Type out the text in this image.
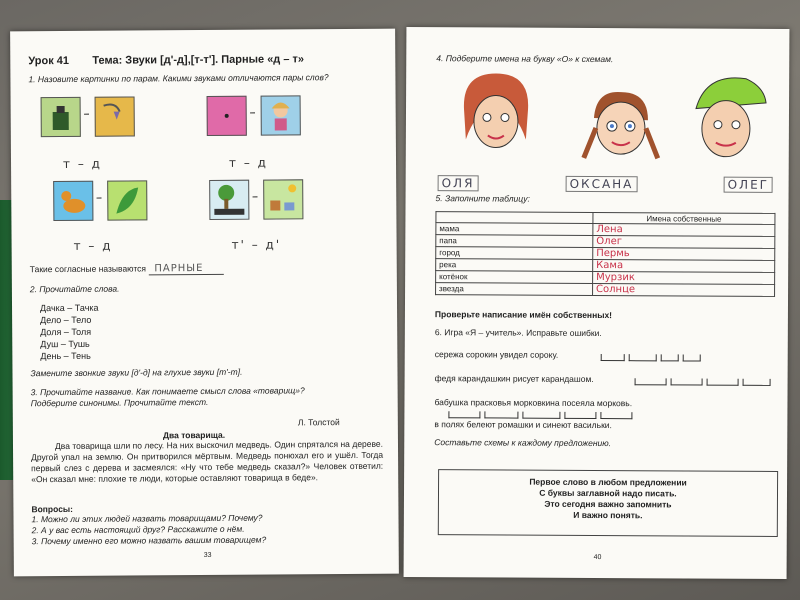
Урок 41 Тема: Звуки [д'-д],[т-т']. Парные «д – т»
1. Назовите картинки по парам. Какими звуками отличаются пары слов?
–	–
т – д	т – д
–	–
т – д	т' – д'
Такие согласные называются ПАРНЫЕ
2. Прочитайте слова.
Дачка – Тачка
Дело – Тело
Доля – Толя
Душ – Тушь
День – Тень
Замените звонкие звуки [д'-д] на глухие звуки [т'-т].
3. Прочитайте название. Как понимаете смысл слова «товарищ»? Подберите синонимы. Прочитайте текст.
Л. Толстой
Два товарища.
Два товарища шли по лесу. На них выскочил медведь. Один спрятался на дереве. Другой упал на землю. Он притворился мёртвым. Медведь понюхал его и ушёл. Тогда первый слез с дерева и засмеялся: «Ну что тебе медведь сказал?» Человек ответил: «Он сказал мне: плохие те люди, которые оставляют товарища в беде».
Вопросы:
1. Можно ли этих людей назвать товарищами? Почему?
2. А у вас есть настоящий друг? Расскажите о нём.
3. Почему именно его можно назвать вашим товарищем?
33
4. Подберите имена на букву «О» к схемам.
ОЛЯ	ОКСАНА	ОЛЕГ
5. Заполните таблицу:
	Имена собственные
мама	Лена
папа	Олег
город	Пермь
река	Кама
котёнок	Мурзик
звезда	Солнце
Проверьте написание имён собственных!
6. Игра «Я – учитель». Исправьте ошибки.
сережа сорокин увидел сороку.
федя карандашкин рисует карандашом.
бабушка прасковья морковкина посеяла морковь.
в полях белеют ромашки и синеют васильки.
Составьте схемы к каждому предложению.
Первое слово в любом предложении
С буквы заглавной надо писать.
Это сегодня важно запомнить
И важно понять.
40
